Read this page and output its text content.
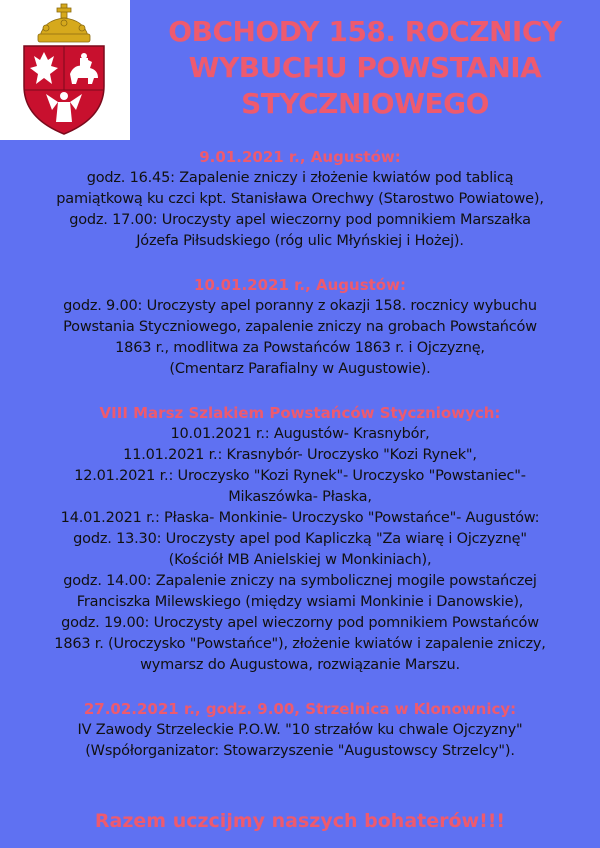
OBCHODY 158. ROCZNICY
WYBUCHU POWSTANIA
STYCZNIOWEGO
9.01.2021 r., Augustów:
godz. 16.45: Zapalenie zniczy i złożenie kwiatów pod tablicą
pamiątkową ku czci kpt. Stanisława Orechwy (Starostwo Powiatowe),
godz. 17.00: Uroczysty apel wieczorny pod pomnikiem Marszałka
Józefa Piłsudskiego (róg ulic Młyńskiej i Hożej).
10.01.2021 r., Augustów:
godz. 9.00: Uroczysty apel poranny z okazji 158. rocznicy wybuchu
Powstania Styczniowego, zapalenie zniczy na grobach Powstańców
1863 r., modlitwa za Powstańców 1863 r. i Ojczyznę,
(Cmentarz Parafialny w Augustowie).
VIII Marsz Szlakiem Powstańców Styczniowych:
10.01.2021 r.: Augustów- Krasnybór,
11.01.2021 r.: Krasnybór- Uroczysko "Kozi Rynek",
12.01.2021 r.: Uroczysko "Kozi Rynek"- Uroczysko "Powstaniec"-
Mikaszówka- Płaska,
14.01.2021 r.: Płaska- Monkinie- Uroczysko "Powstańce"- Augustów:
godz. 13.30: Uroczysty apel pod Kapliczką "Za wiarę i Ojczyznę"
(Kościół MB Anielskiej w Monkiniach),
godz. 14.00: Zapalenie zniczy na symbolicznej mogile powstańczej
Franciszka Milewskiego (między wsiami Monkinie i Danowskie),
godz. 19.00: Uroczysty apel wieczorny pod pomnikiem Powstańców
1863 r. (Uroczysko "Powstańce"), złożenie kwiatów i zapalenie zniczy,
wymarsz do Augustowa, rozwiązanie Marszu.
27.02.2021 r., godz. 9.00, Strzelnica w Klonownicy:
IV Zawody Strzeleckie P.O.W. "10 strzałów ku chwale Ojczyzny"
(Współorganizator: Stowarzyszenie "Augustowscy Strzelcy").
Razem uczcijmy naszych bohaterów!!!
